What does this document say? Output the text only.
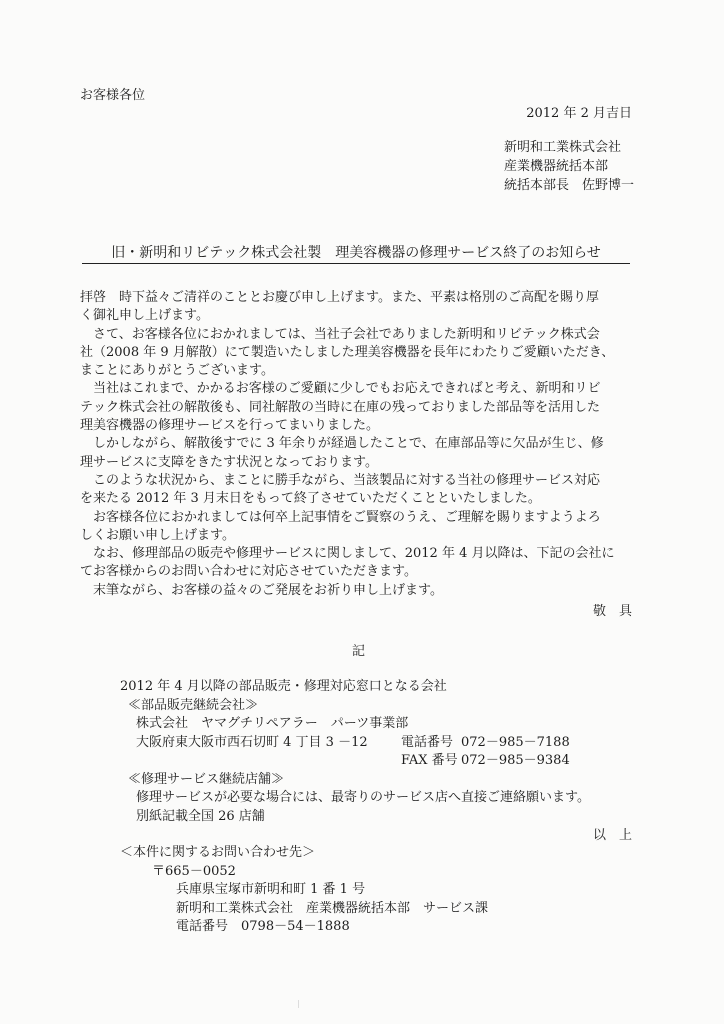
お客様各位
2012 年 2 月吉日
新明和工業株式会社
産業機器統括本部
統括本部長　佐野博一
旧・新明和リビテック株式会社製　理美容機器の修理サービス終了のお知らせ

拝啓　時下益々ご清祥のこととお慶び申し上げます。また、平素は格別のご高配を賜り厚

く御礼申し上げます。

　さて、お客様各位におかれましては、当社子会社でありました新明和リビテック株式会

社（2008 年 9 月解散）にて製造いたしました理美容機器を長年にわたりご愛顧いただき、

まことにありがとうございます。

　当社はこれまで、かかるお客様のご愛顧に少しでもお応えできればと考え、新明和リビ

テック株式会社の解散後も、同社解散の当時に在庫の残っておりました部品等を活用した

理美容機器の修理サービスを行ってまいりました。

　しかしながら、解散後すでに 3 年余りが経過したことで、在庫部品等に欠品が生じ、修

理サービスに支障をきたす状況となっております。

　このような状況から、まことに勝手ながら、当該製品に対する当社の修理サービス対応

を来たる 2012 年 3 月末日をもって終了させていただくことといたしました。

　お客様各位におかれましては何卒上記事情をご賢察のうえ、ご理解を賜りますようよろ

しくお願い申し上げます。

　なお、修理部品の販売や修理サービスに関しまして、2012 年 4 月以降は、下記の会社に

てお客様からのお問い合わせに対応させていただきます。

　末筆ながら、お客様の益々のご発展をお祈り申し上げます。

敬　具
記
2012 年 4 月以降の部品販売・修理対応窓口となる会社
≪部品販売継続会社≫
株式会社　ヤマグチリペアラー　パーツ事業部
大阪府東大阪市西石切町 4 丁目 3 －12	電話番号 072－985－7188
FAX 番号 072－985－9384
≪修理サービス継続店舗≫
修理サービスが必要な場合には、最寄りのサービス店へ直接ご連絡願います。
別紙記載全国 26 店舗
以　上
＜本件に関するお問い合わせ先＞
〒665－0052
兵庫県宝塚市新明和町 1 番 1 号
新明和工業株式会社　産業機器統括本部　サービス課
電話番号　0798－54－1888
